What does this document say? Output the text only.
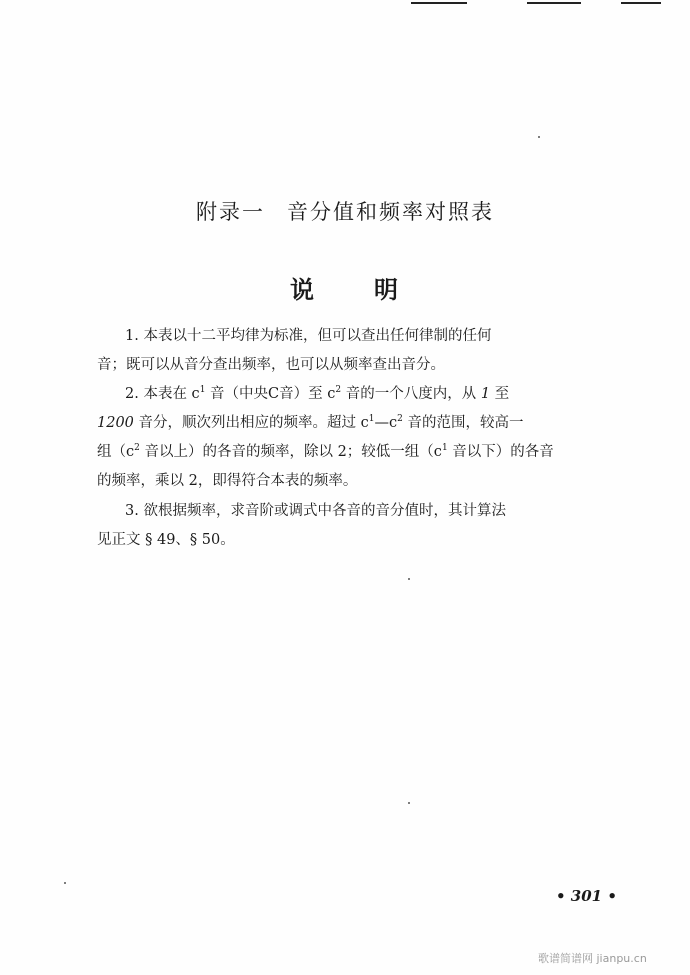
附录一 音分值和频率对照表
说 明
1. 本表以十二平均律为标准，但可以查出任何律制的任何
音；既可以从音分查出频率，也可以从频率查出音分。
2. 本表在 $c^1$ 音（中央C音）至 $c^2$ 音的一个八度内，从 1 至
1200 音分，顺次列出相应的频率。超过 $c^1—c^2$ 音的范围，较高一
组（$c^2$ 音以上）的各音的频率，除以 2；较低一组（$c^1$ 音以下）的各音
的频率，乘以 2，即得符合本表的频率。
3. 欲根据频率，求音阶或调式中各音的音分值时，其计算法
见正文 § 49、§ 50。
• 301 •
歌谱简谱网 jianpu.cn
